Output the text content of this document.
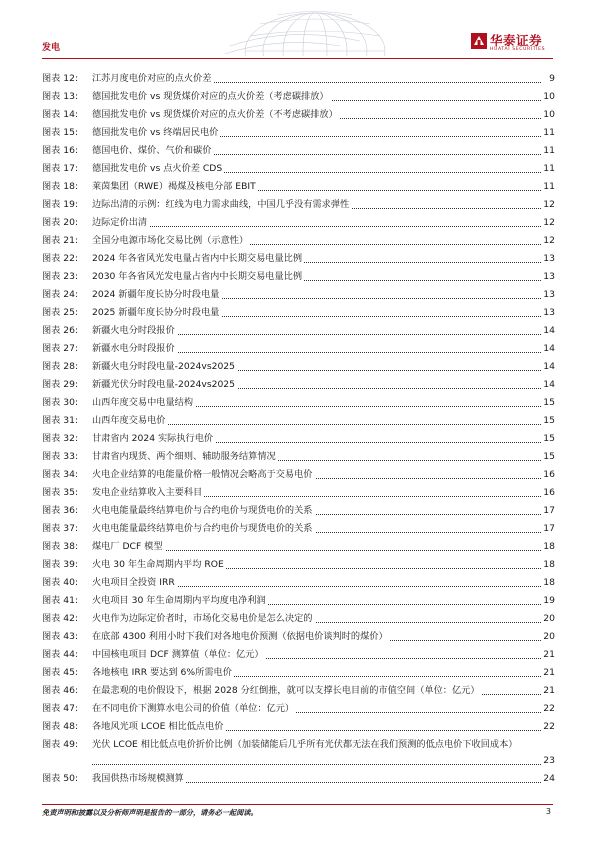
发电	华泰证券
HUATAI SECURITIES
图表 12:	江苏月度电价对应的点火价差	9
图表 13:	德国批发电价 vs 现货煤价对应的点火价差（考虑碳排放）	10
图表 14:	德国批发电价 vs 现货煤价对应的点火价差（不考虑碳排放）	10
图表 15:	德国批发电价 vs 终端居民电价	11
图表 16:	德国电价、煤价、气价和碳价	11
图表 17:	德国批发电价 vs 点火价差 CDS	11
图表 18:	莱茵集团（RWE）褐煤及核电分部 EBIT	11
图表 19:	边际出清的示例：红线为电力需求曲线，中国几乎没有需求弹性	12
图表 20:	边际定价出清	12
图表 21:	全国分电源市场化交易比例（示意性）	12
图表 22:	2024 年各省风光发电量占省内中长期交易电量比例	13
图表 23:	2030 年各省风光发电量占省内中长期交易电量比例	13
图表 24:	2024 新疆年度长协分时段电量	13
图表 25:	2025 新疆年度长协分时段电量	13
图表 26:	新疆火电分时段报价	14
图表 27:	新疆水电分时段报价	14
图表 28:	新疆火电分时段电量-2024vs2025	14
图表 29:	新疆光伏分时段电量-2024vs2025	14
图表 30:	山西年度交易中电量结构	15
图表 31:	山西年度交易电价	15
图表 32:	甘肃省内 2024 实际执行电价	15
图表 33:	甘肃省内现货、两个细则、辅助服务结算情况	15
图表 34:	火电企业结算的电能量价格一般情况会略高于交易电价	16
图表 35:	发电企业结算收入主要科目	16
图表 36:	火电电能量最终结算电价与合约电价与现货电价的关系	17
图表 37:	火电电能量最终结算电价与合约电价与现货电价的关系	17
图表 38:	煤电厂 DCF 模型	18
图表 39:	火电 30 年生命周期内平均 ROE	18
图表 40:	火电项目全投资 IRR	18
图表 41:	火电项目 30 年生命周期内平均度电净利润	19
图表 42:	火电作为边际定价者时，市场化交易电价是怎么决定的	20
图表 43:	在底部 4300 利用小时下我们对各地电价预测（依据电价谈判时的煤价）	20
图表 44:	中国核电项目 DCF 测算值（单位：亿元）	21
图表 45:	各地核电 IRR 要达到 6%所需电价	21
图表 46:	在最悲观的电价假设下，根据 2028 分红倒推，就可以支撑长电目前的市值空间（单位：亿元）	21
图表 47:	在不同电价下测算水电公司的价值（单位：亿元）	22
图表 48:	各地风光项 LCOE 相比低点电价	22
图表 49:	光伏 LCOE 相比低点电价折价比例（加装储能后几乎所有光伏都无法在我们预测的低点电价下收回成本）
23
图表 50:	我国供热市场规模测算	24
免责声明和披露以及分析师声明是报告的一部分，请务必一起阅读。	3
